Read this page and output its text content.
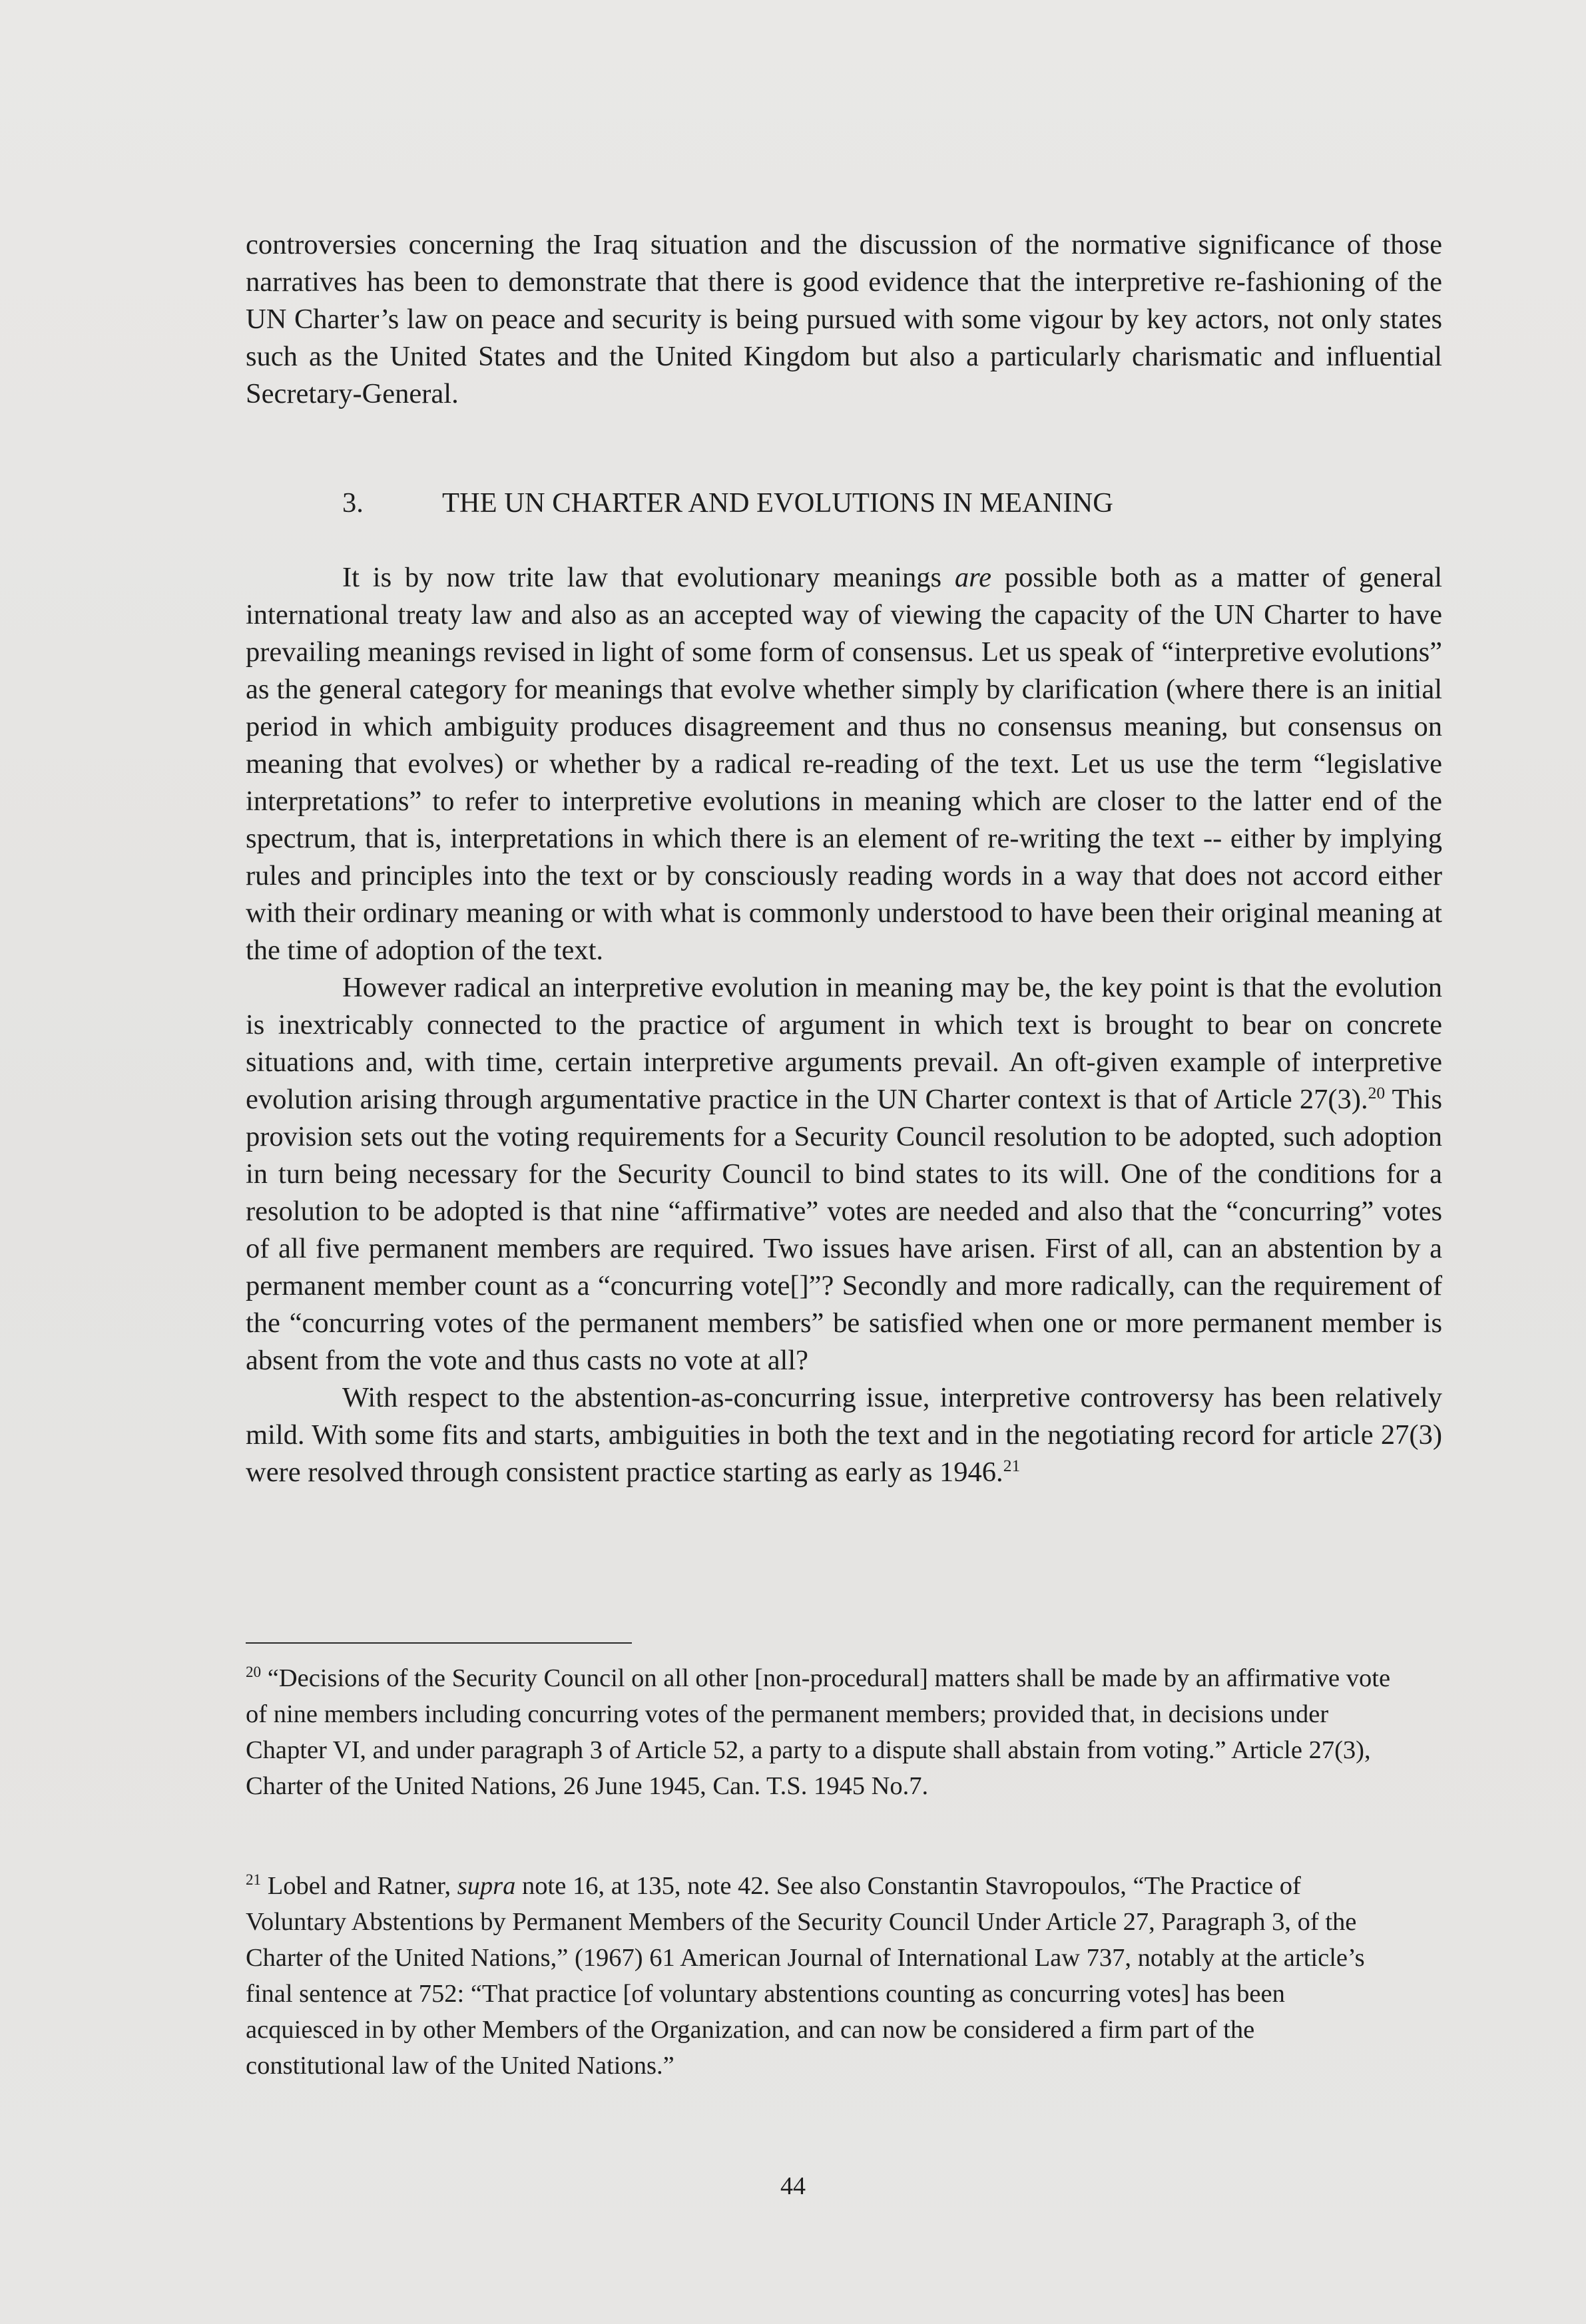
controversies concerning the Iraq situation and the discussion of the normative significance of those narratives has been to demonstrate that there is good evidence that the interpretive re-fashioning of the UN Charter’s law on peace and security is being pursued with some vigour by key actors, not only states such as the United States and the United Kingdom but also a particularly charismatic and influential Secretary-General.

3.	THE UN CHARTER AND EVOLUTIONS IN MEANING

It is by now trite law that evolutionary meanings are possible both as a matter of general international treaty law and also as an accepted way of viewing the capacity of the UN Charter to have prevailing meanings revised in light of some form of consensus. Let us speak of “interpretive evolutions” as the general category for meanings that evolve whether simply by clarification (where there is an initial period in which ambiguity produces disagreement and thus no consensus meaning, but consensus on meaning that evolves) or whether by a radical re-reading of the text. Let us use the term “legislative interpretations” to refer to interpretive evolutions in meaning which are closer to the latter end of the spectrum, that is, interpretations in which there is an element of re-writing the text -- either by implying rules and principles into the text or by consciously reading words in a way that does not accord either with their ordinary meaning or with what is commonly understood to have been their original meaning at the time of adoption of the text.

However radical an interpretive evolution in meaning may be, the key point is that the evolution is inextricably connected to the practice of argument in which text is brought to bear on concrete situations and, with time, certain interpretive arguments prevail. An oft-given example of interpretive evolution arising through argumentative practice in the UN Charter context is that of Article 27(3).$^{20}$ This provision sets out the voting requirements for a Security Council resolution to be adopted, such adoption in turn being necessary for the Security Council to bind states to its will. One of the conditions for a resolution to be adopted is that nine “affirmative” votes are needed and also that the “concurring” votes of all five permanent members are required. Two issues have arisen. First of all, can an abstention by a permanent member count as a “concurring vote[]”? Secondly and more radically, can the requirement of the “concurring votes of the permanent members” be satisfied when one or more permanent member is absent from the vote and thus casts no vote at all?

With respect to the abstention-as-concurring issue, interpretive controversy has been relatively mild. With some fits and starts, ambiguities in both the text and in the negotiating record for article 27(3) were resolved through consistent practice starting as early as 1946.21

$^{20}$ “Decisions of the Security Council on all other [non-procedural] matters shall be made by an affirmative vote of nine members including concurring votes of the permanent members; provided that, in decisions under Chapter VI, and under paragraph 3 of Article 52, a party to a dispute shall abstain from voting.” Article 27(3), Charter of the United Nations, 26 June 1945, Can. T.S. 1945 No.7.

$^{21}$ Lobel and Ratner, supra note 16, at 135, note 42. See also Constantin Stavropoulos, “The Practice of Voluntary Abstentions by Permanent Members of the Security Council Under Article 27, Paragraph 3, of the Charter of the United Nations,” (1967) 61 American Journal of International Law 737, notably at the article’s final sentence at 752: “That practice [of voluntary abstentions counting as concurring votes] has been acquiesced in by other Members of the Organization, and can now be considered a firm part of the constitutional law of the United Nations.”

44
